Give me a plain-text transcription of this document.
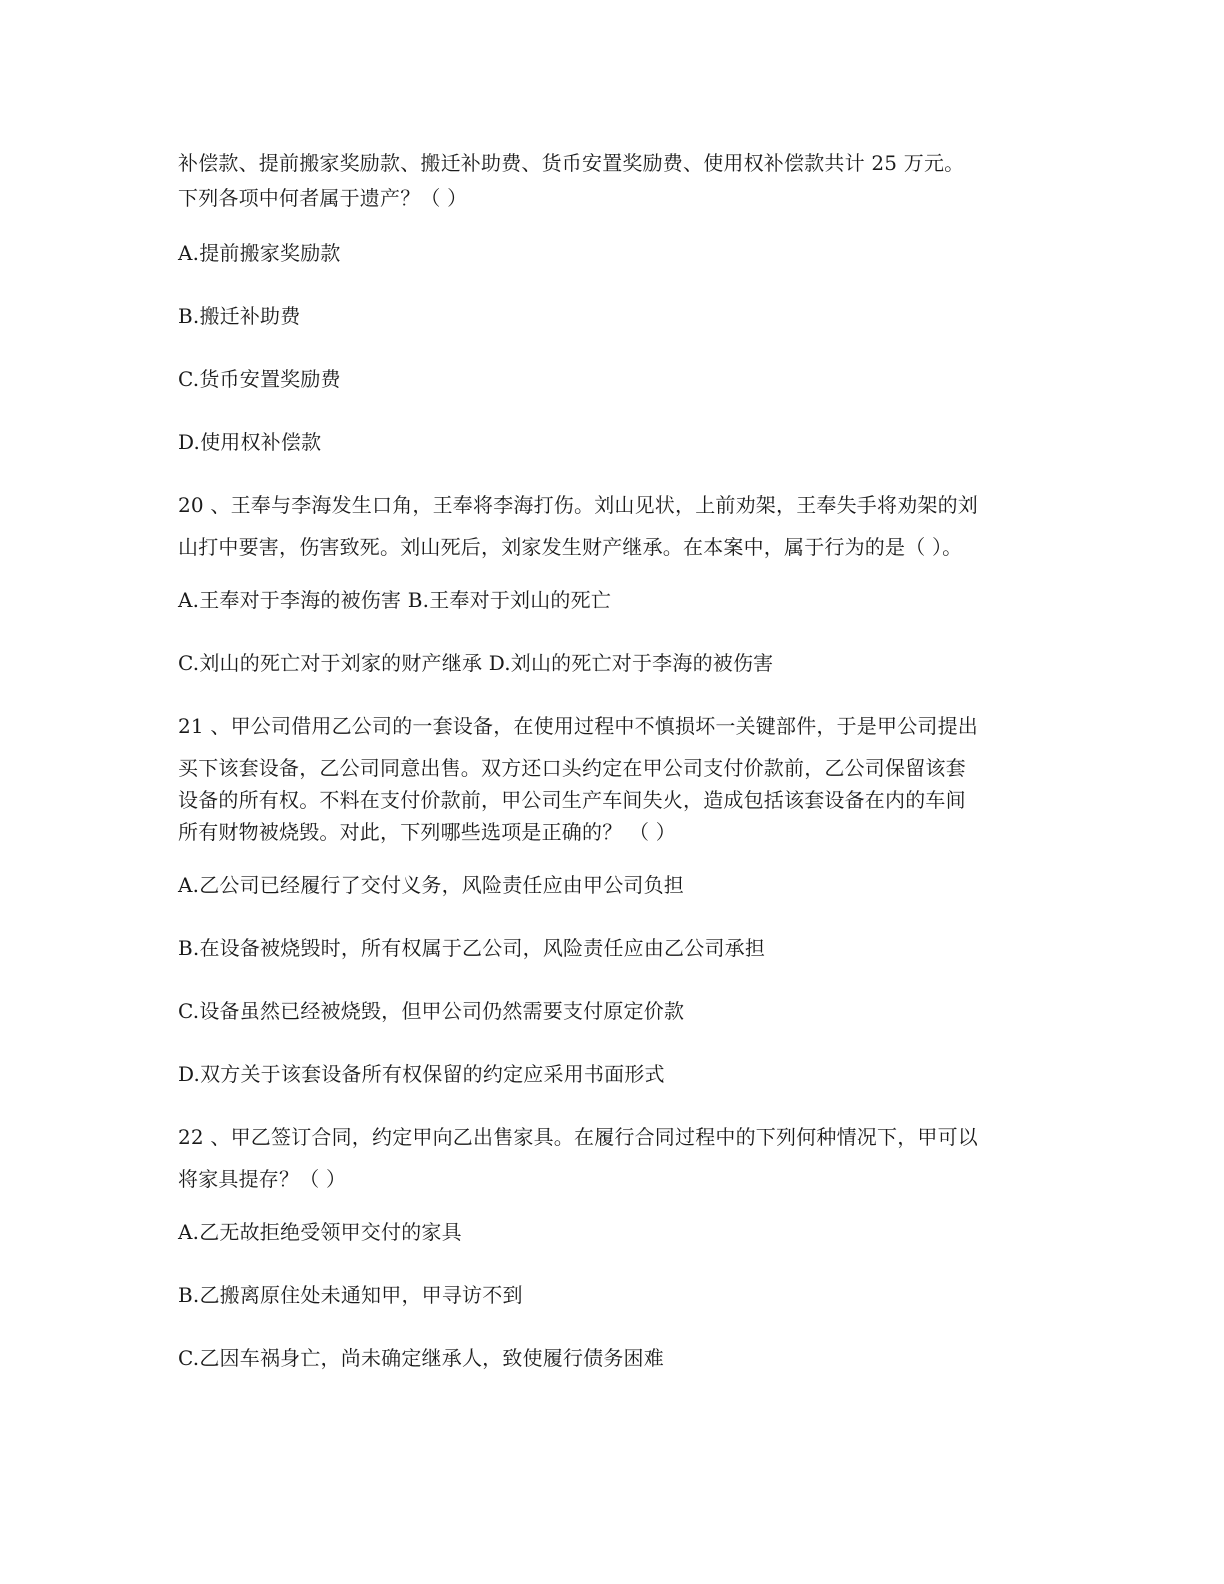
补偿款、提前搬家奖励款、搬迁补助费、货币安置奖励费、使用权补偿款共计 25 万元。
下列各项中何者属于遗产？（ ）
A.提前搬家奖励款
B.搬迁补助费
C.货币安置奖励费
D.使用权补偿款
20 、王奉与李海发生口角，王奉将李海打伤。刘山见状，上前劝架，王奉失手将劝架的刘
山打中要害，伤害致死。刘山死后，刘家发生财产继承。在本案中，属于行为的是（ ）。
A.王奉对于李海的被伤害 B.王奉对于刘山的死亡
C.刘山的死亡对于刘家的财产继承 D.刘山的死亡对于李海的被伤害
21 、甲公司借用乙公司的一套设备，在使用过程中不慎损坏一关键部件，于是甲公司提出
买下该套设备，乙公司同意出售。双方还口头约定在甲公司支付价款前，乙公司保留该套
设备的所有权。不料在支付价款前，甲公司生产车间失火，造成包括该套设备在内的车间
所有财物被烧毁。对此，下列哪些选项是正确的？ （ ）
A.乙公司已经履行了交付义务，风险责任应由甲公司负担
B.在设备被烧毁时，所有权属于乙公司，风险责任应由乙公司承担
C.设备虽然已经被烧毁，但甲公司仍然需要支付原定价款
D.双方关于该套设备所有权保留的约定应采用书面形式
22 、甲乙签订合同，约定甲向乙出售家具。在履行合同过程中的下列何种情况下，甲可以
将家具提存？（ ）
A.乙无故拒绝受领甲交付的家具
B.乙搬离原住处未通知甲，甲寻访不到
C.乙因车祸身亡，尚未确定继承人，致使履行债务困难
